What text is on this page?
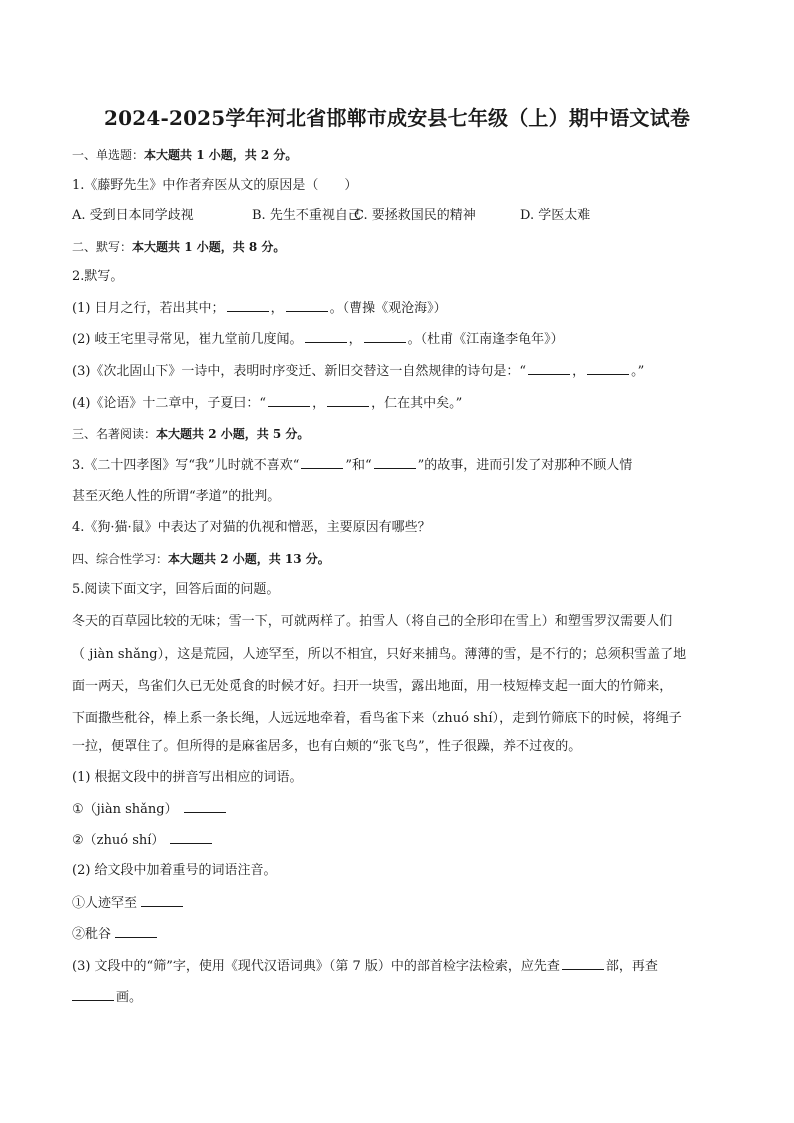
2024-2025学年河北省邯郸市成安县七年级（上）期中语文试卷
一、单选题：本大题共 1 小题，共 2 分。
1.《藤野先生》中作者弃医从文的原因是（　　）
A. 受到日本同学歧视	B. 先生不重视自己
C. 要拯救国民的精神	D. 学医太难
二、默写：本大题共 1 小题，共 8 分。
2.默写。
(1) 日月之行，若出其中；	，	。（曹操《观沧海》）
(2) 岐王宅里寻常见，崔九堂前几度闻。	，	。（杜甫《江南逢李龟年》）
(3)《次北固山下》一诗中，表明时序变迁、新旧交替这一自然规律的诗句是：“	，	。”
(4)《论语》十二章中，子夏曰：“	，	，仁在其中矣。”
三、名著阅读：本大题共 2 小题，共 5 分。
3.《二十四孝图》写“我”儿时就不喜欢“	”和“	”的故事，进而引发了对那种不顾人情
甚至灭绝人性的所谓“孝道”的批判。
4.《狗·猫·鼠》中表达了对猫的仇视和憎恶，主要原因有哪些？
四、综合性学习：本大题共 2 小题，共 13 分。
5.阅读下面文字，回答后面的问题。
冬天的百草园比较的无味；雪一下，可就两样了。拍雪人（将自己的全形印在雪上）和塑雪罗汉需要人们
（ jiàn shǎng），这是荒园，人迹罕至，所以不相宜，只好来捕鸟。薄薄的雪，是不行的；总须积雪盖了地
面一两天，鸟雀们久已无处觅食的时候才好。扫开一块雪，露出地面，用一枝短棒支起一面大的竹筛来，
下面撒些秕谷，棒上系一条长绳，人远远地牵着，看鸟雀下来（zhuó shí），走到竹筛底下的时候，将绳子
一拉，便罩住了。但所得的是麻雀居多，也有白颊的“张飞鸟”，性子很躁，养不过夜的。
(1) 根据文段中的拼音写出相应的词语。
①（jiàn shǎng）
②（zhuó shí）
(2) 给文段中加着重号的词语注音。
①人迹罕至
②秕谷
(3) 文段中的“筛”字，使用《现代汉语词典》（第 7 版）中的部首检字法检索，应先查	部，再查
画。
